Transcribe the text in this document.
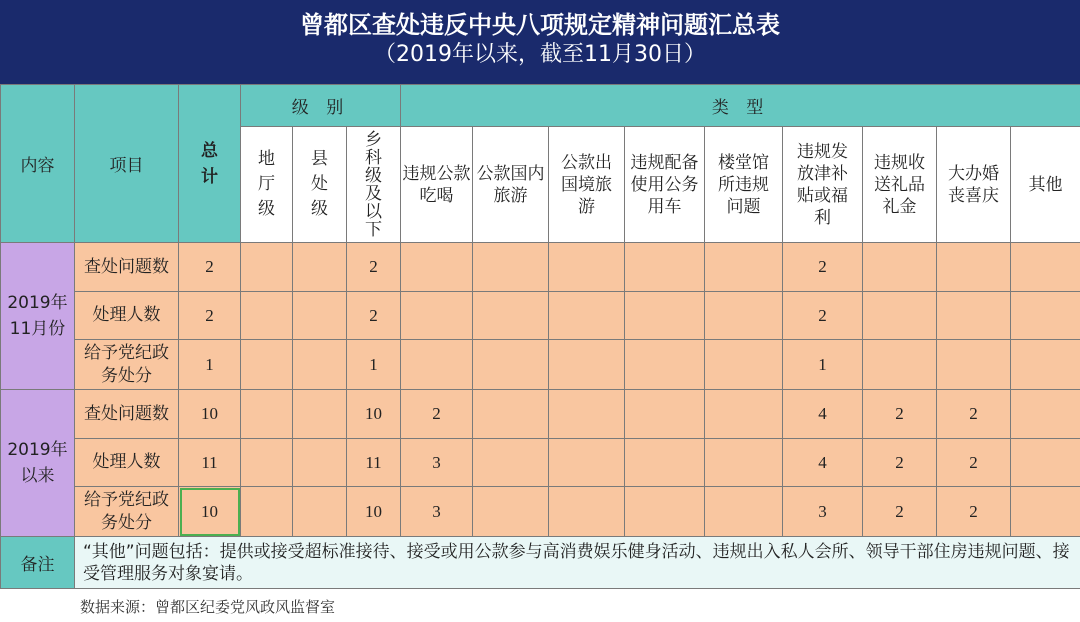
曾都区查处违反中央八项规定精神问题汇总表
（2019年以来，截至11月30日）
内容	项目	总计	级 别			类 型								
			地厅级	县处级	乡科级及以下	违规公款吃喝	公款国内旅游	公款出国境旅游	违规配备使用公务用车	楼堂馆所违规问题	违规发放津补贴或福利	违规收送礼品礼金	大办婚丧喜庆	其他
2019年11月份	查处问题数	2			2						2			
	处理人数	2			2						2			
	给予党纪政务处分	1			1						1			
2019年以来	查处问题数	10			10	2					4	2	2	
	处理人数	11			11	3					4	2	2	
	给予党纪政务处分	10			10	3					3	2	2	
备注	“其他”问题包括：提供或接受超标准接待、接受或用公款参与高消费娱乐健身活动、违规出入私人会所、领导干部住房违规问题、接受管理服务对象宴请。													
数据来源：曾都区纪委党风政风监督室
